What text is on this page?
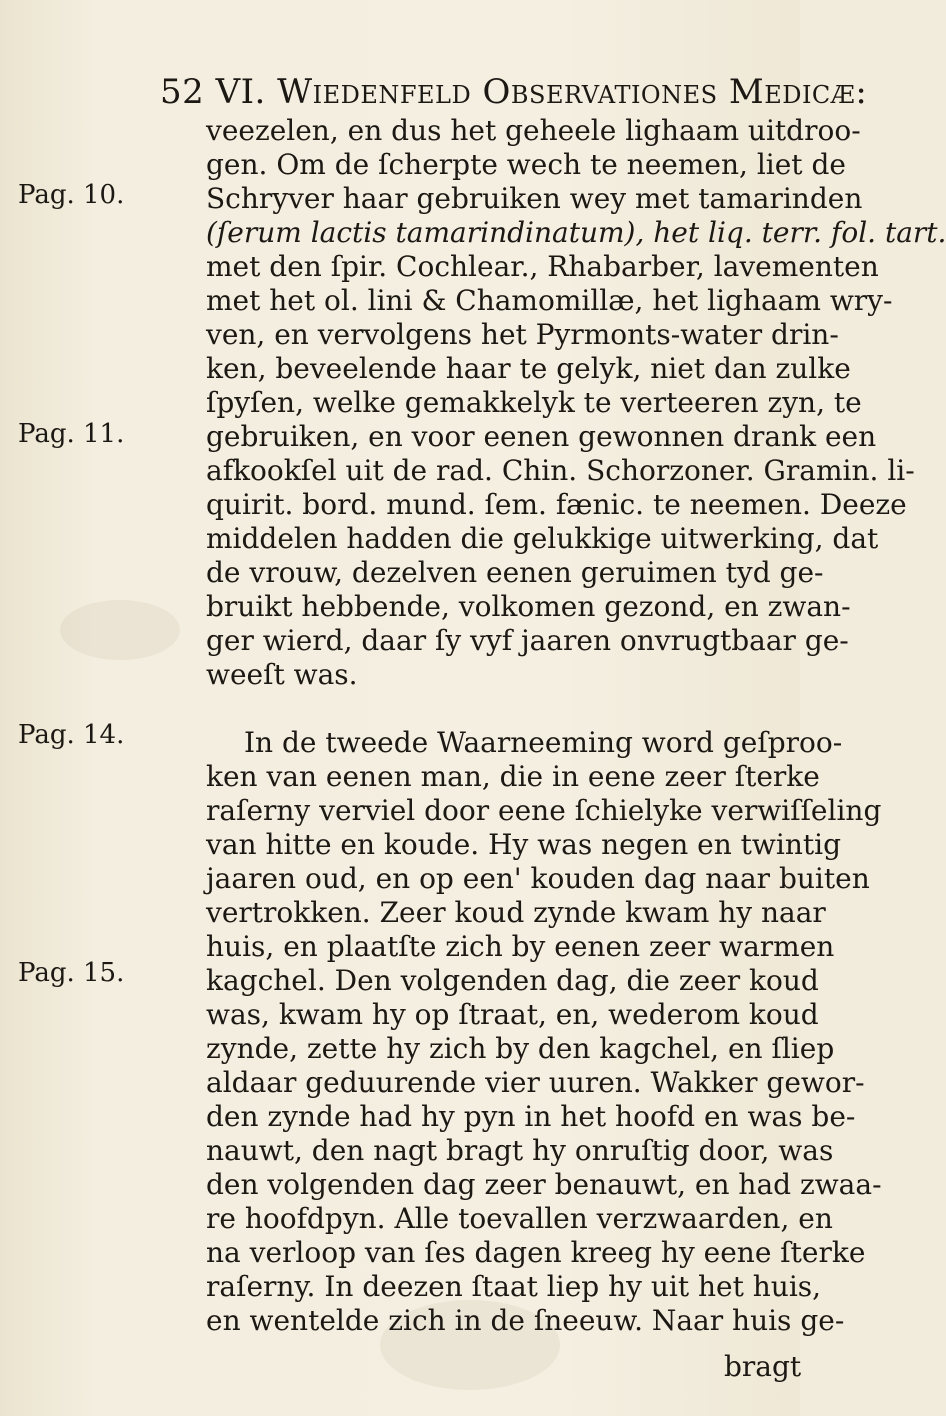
52 VI. Wiedenfeld Observationes Medicæ:
Pag. 10.
Pag. 11.
Pag. 14.
Pag. 15.
veezelen, en dus het geheele lighaam uitdroo-
gen. Om de ſcherpte wech te neemen, liet de
Schryver haar gebruiken wey met tamarinden
(ſerum lactis tamarindinatum), het liq. terr. fol. tart.
met den ſpir. Cochlear., Rhabarber, lavementen
met het ol. lini & Chamomillæ, het lighaam wry-
ven, en vervolgens het Pyrmonts-water drin-
ken, beveelende haar te gelyk, niet dan zulke
ſpyſen, welke gemakkelyk te verteeren zyn, te
gebruiken, en voor eenen gewonnen drank een
afkookſel uit de rad. Chin. Schorzoner. Gramin. li-
quirit. bord. mund. ſem. fænic. te neemen. Deeze
middelen hadden die gelukkige uitwerking, dat
de vrouw, dezelven eenen geruimen tyd ge-
bruikt hebbende, volkomen gezond, en zwan-
ger wierd, daar ſy vyf jaaren onvrugtbaar ge-
weeſt was.
In de tweede Waarneeming word geſproo-
ken van eenen man, die in eene zeer ſterke
raſerny verviel door eene ſchielyke verwiſſeling
van hitte en koude. Hy was negen en twintig
jaaren oud, en op een' kouden dag naar buiten
vertrokken. Zeer koud zynde kwam hy naar
huis, en plaatſte zich by eenen zeer warmen
kagchel. Den volgenden dag, die zeer koud
was, kwam hy op ſtraat, en, wederom koud
zynde, zette hy zich by den kagchel, en ſliep
aldaar geduurende vier uuren. Wakker gewor-
den zynde had hy pyn in het hoofd en was be-
nauwt, den nagt bragt hy onruſtig door, was
den volgenden dag zeer benauwt, en had zwaa-
re hoofdpyn. Alle toevallen verzwaarden, en
na verloop van ſes dagen kreeg hy eene ſterke
raſerny. In deezen ſtaat liep hy uit het huis,
en wentelde zich in de ſneeuw. Naar huis ge-
bragt
